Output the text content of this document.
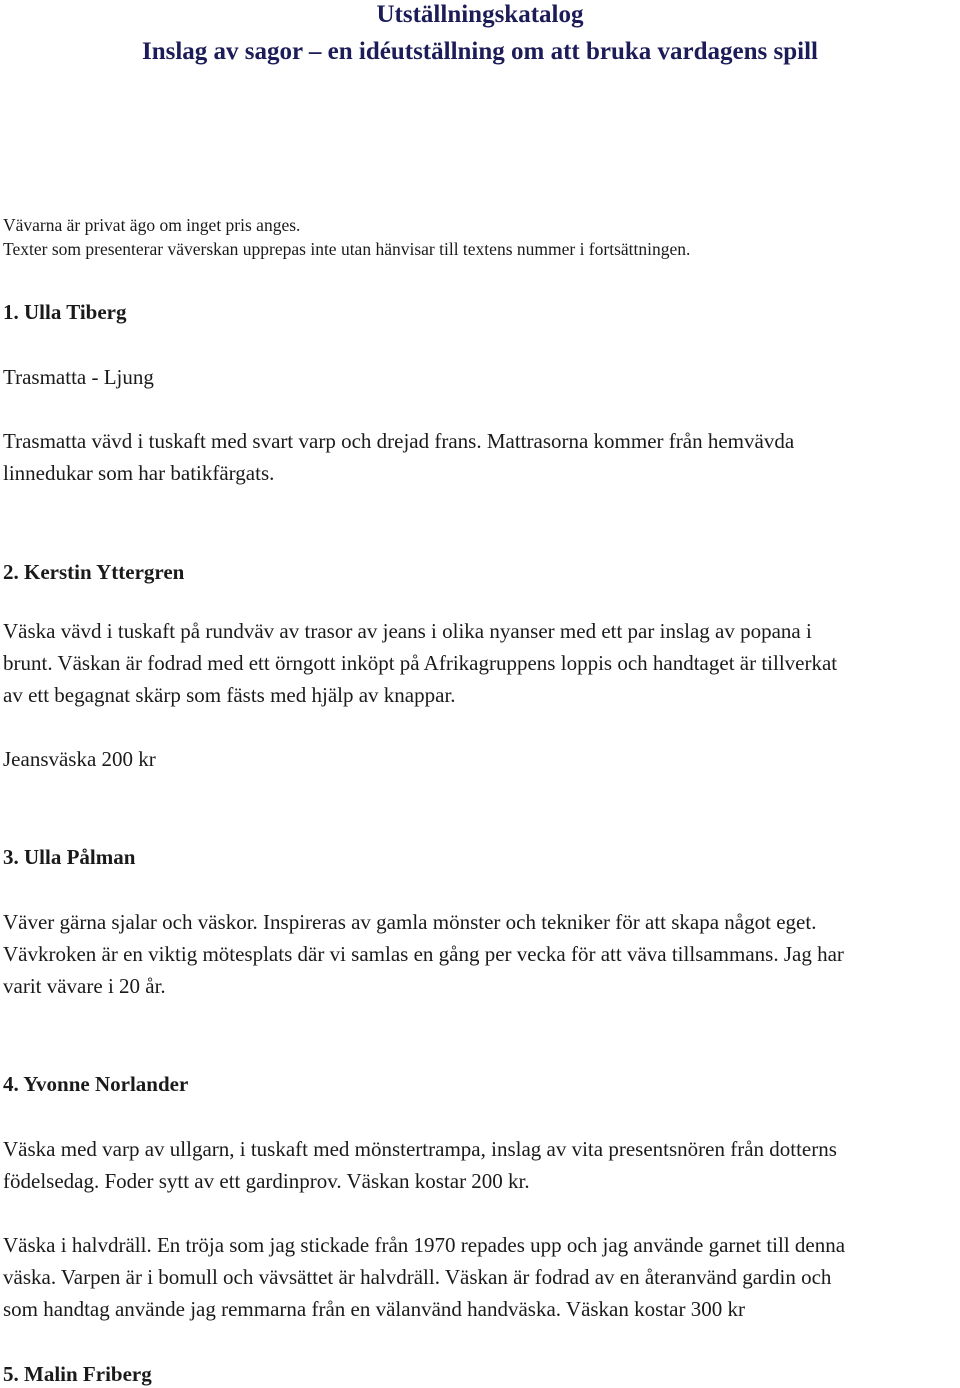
Utställningskatalog
Inslag av sagor – en idéutställning om att bruka vardagens spill
Vävarna är privat ägo om inget pris anges.
Texter som presenterar väverskan upprepas inte utan hänvisar till textens nummer i fortsättningen.
1. Ulla Tiberg
Trasmatta - Ljung
Trasmatta vävd i tuskaft med svart varp och drejad frans. Mattrasorna kommer från hemvävda
linnedukar som har batikfärgats.
2. Kerstin Yttergren
Väska vävd i tuskaft på rundväv av trasor av jeans i olika nyanser med ett par inslag av popana i
brunt. Väskan är fodrad med ett örngott inköpt på Afrikagruppens loppis och handtaget är tillverkat
av ett begagnat skärp som fästs med hjälp av knappar.
Jeansväska 200 kr
3. Ulla Pålman
Väver gärna sjalar och väskor. Inspireras av gamla mönster och tekniker för att skapa något eget.
Vävkroken är en viktig mötesplats där vi samlas en gång per vecka för att väva tillsammans. Jag har
varit vävare i 20 år.
4. Yvonne Norlander
Väska med varp av ullgarn, i tuskaft med mönstertrampa, inslag av vita presentsnören från dotterns
födelsedag. Foder sytt av ett gardinprov. Väskan kostar 200 kr.
Väska i halvdräll. En tröja som jag stickade från 1970 repades upp och jag använde garnet till denna
väska. Varpen är i bomull och vävsättet är halvdräll. Väskan är fodrad av en återanvänd gardin och
som handtag använde jag remmarna från en välanvänd handväska. Väskan kostar 300 kr
5. Malin Friberg
